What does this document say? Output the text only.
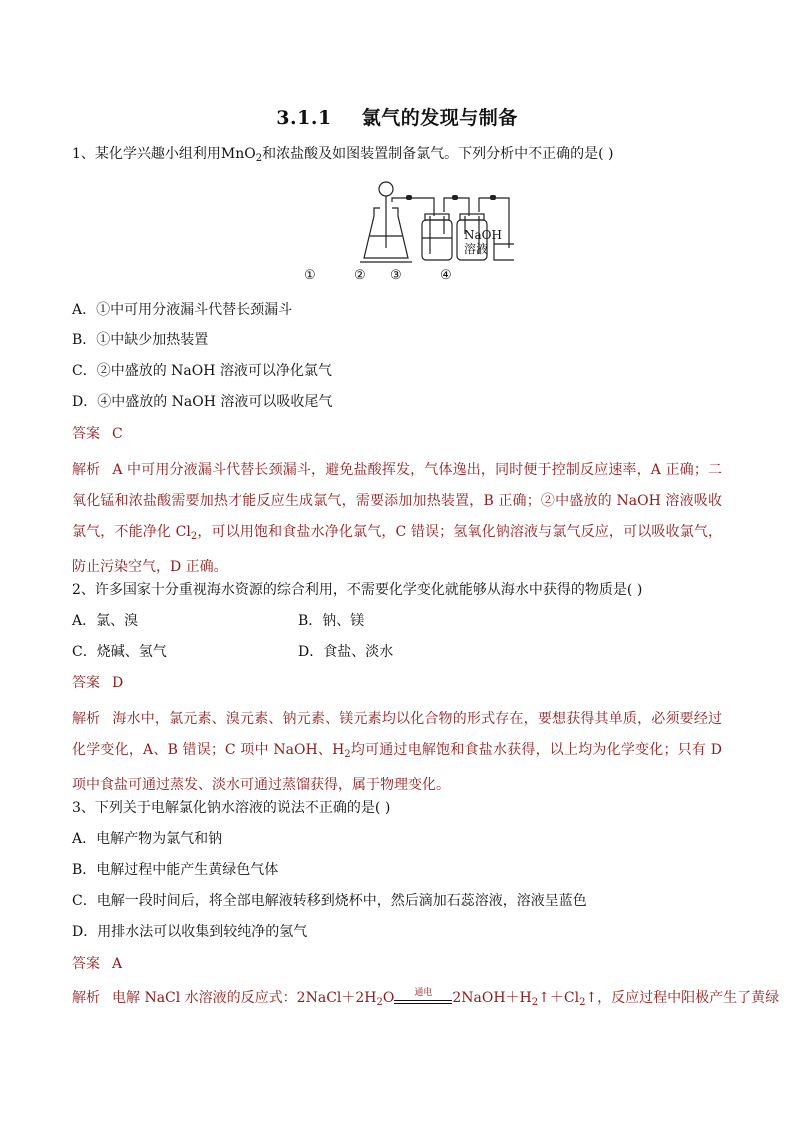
3.1.1 氯气的发现与制备
1、某化学兴趣小组利用MnO$_2$和浓盐酸及如图装置制备氯气。下列分析中不正确的是( )
NaOH
溶液
①	② ③	④
A．①中可用分液漏斗代替长颈漏斗
B．①中缺少加热装置
C．②中盛放的 NaOH 溶液可以净化氯气
D．④中盛放的 NaOH 溶液可以吸收尾气
答案 C
解析 A 中可用分液漏斗代替长颈漏斗，避免盐酸挥发，气体逸出，同时便于控制反应速率，A 正确；二氧化锰和浓盐酸需要加热才能反应生成氯气，需要添加加热装置，B 正确；②中盛放的 NaOH 溶液吸收氯气，不能净化 $Cl_2$，可以用饱和食盐水净化氯气，C 错误；氢氧化钠溶液与氯气反应，可以吸收氯气，防止污染空气，D 正确。
2、许多国家十分重视海水资源的综合利用，不需要化学变化就能够从海水中获得的物质是( )
A．氯、溴	B．钠、镁
C．烧碱、氢气	D．食盐、淡水
答案 D
解析 海水中，氯元素、溴元素、钠元素、镁元素均以化合物的形式存在，要想获得其单质，必须要经过化学变化，A、B 错误；C 项中 NaOH、$H_2$均可通过电解饱和食盐水获得，以上均为化学变化；只有 D 项中食盐可通过蒸发、淡水可通过蒸馏获得，属于物理变化。
3、下列关于电解氯化钠水溶液的说法不正确的是( )
A．电解产物为氯气和钠
B．电解过程中能产生黄绿色气体
C．电解一段时间后，将全部电解液转移到烧杯中，然后滴加石蕊溶液，溶液呈蓝色
D．用排水法可以收集到较纯净的氢气
答案 A
解析 电解 NaCl 水溶液的反应式：$2NaCl+2H_2O$	通电	$2NaOH+H_2↑+Cl_2↑$，反应过程中阳极产生了黄绿
